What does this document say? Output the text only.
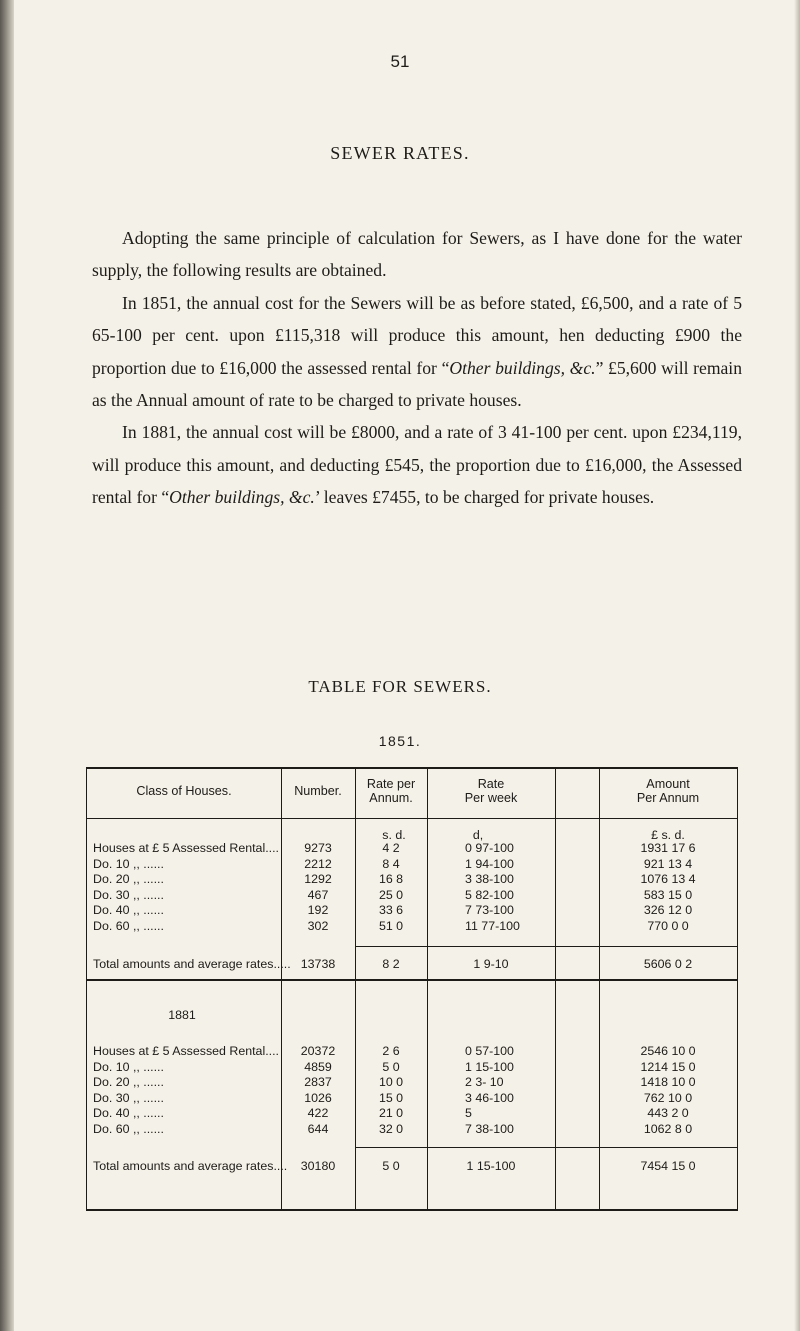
51
SEWER RATES.

Adopting the same principle of calculation for Sewers, as I have done for the water supply, the following results are obtained.

In 1851, the annual cost for the Sewers will be as before stated, £6,500, and a rate of 5 65-100 per cent. upon £115,318 will produce this amount, hen deducting £900 the proportion due to £16,000 the assessed rental for “Other buildings, &c.” £5,600 will remain as the Annual amount of rate to be charged to private houses.

In 1881, the annual cost will be £8000, and a rate of 3 41-100 per cent. upon £234,119, will produce this amount, and deducting £545, the proportion due to £16,000, the Assessed rental for “Other buildings, &c.’ leaves £7455, to be charged for private houses.

TABLE FOR SEWERS.
1851.
Class of Houses.	Number.	Rate per
Annum.
Rate
Per week
Amount
Per Annum
s. d.	d,	£ s. d.
Houses at £ 5 Assessed Rental....	9273	4 2	0 97-100	1931 17 6
Do. 10 ,, ......	2212	8 4	1 94-100	921 13 4
Do. 20 ,, ......	1292	16 8	3 38-100	1076 13 4
Do. 30 ,, ......	467	25 0	5 82-100	583 15 0
Do. 40 ,, ......	192	33 6	7 73-100	326 12 0
Do. 60 ,, ......	302	51 0	11 77-100	770 0 0
Total amounts and average rates..... 13738	8 2	1 9-10	5606 0 2
1881
Houses at £ 5 Assessed Rental....	20372	2 6	0 57-100	2546 10 0
Do. 10 ,, ......	4859	5 0	1 15-100	1214 15 0
Do. 20 ,, ......	2837	10 0	2 3- 10	1418 10 0
Do. 30 ,, ......	1026	15 0	3 46-100	762 10 0
Do. 40 ,, ......	422	21 0	5	443 2 0
Do. 60 ,, ......	644	32 0	7 38-100	1062 8 0
Total amounts and average rates....	30180	5 0	1 15-100	7454 15 0
